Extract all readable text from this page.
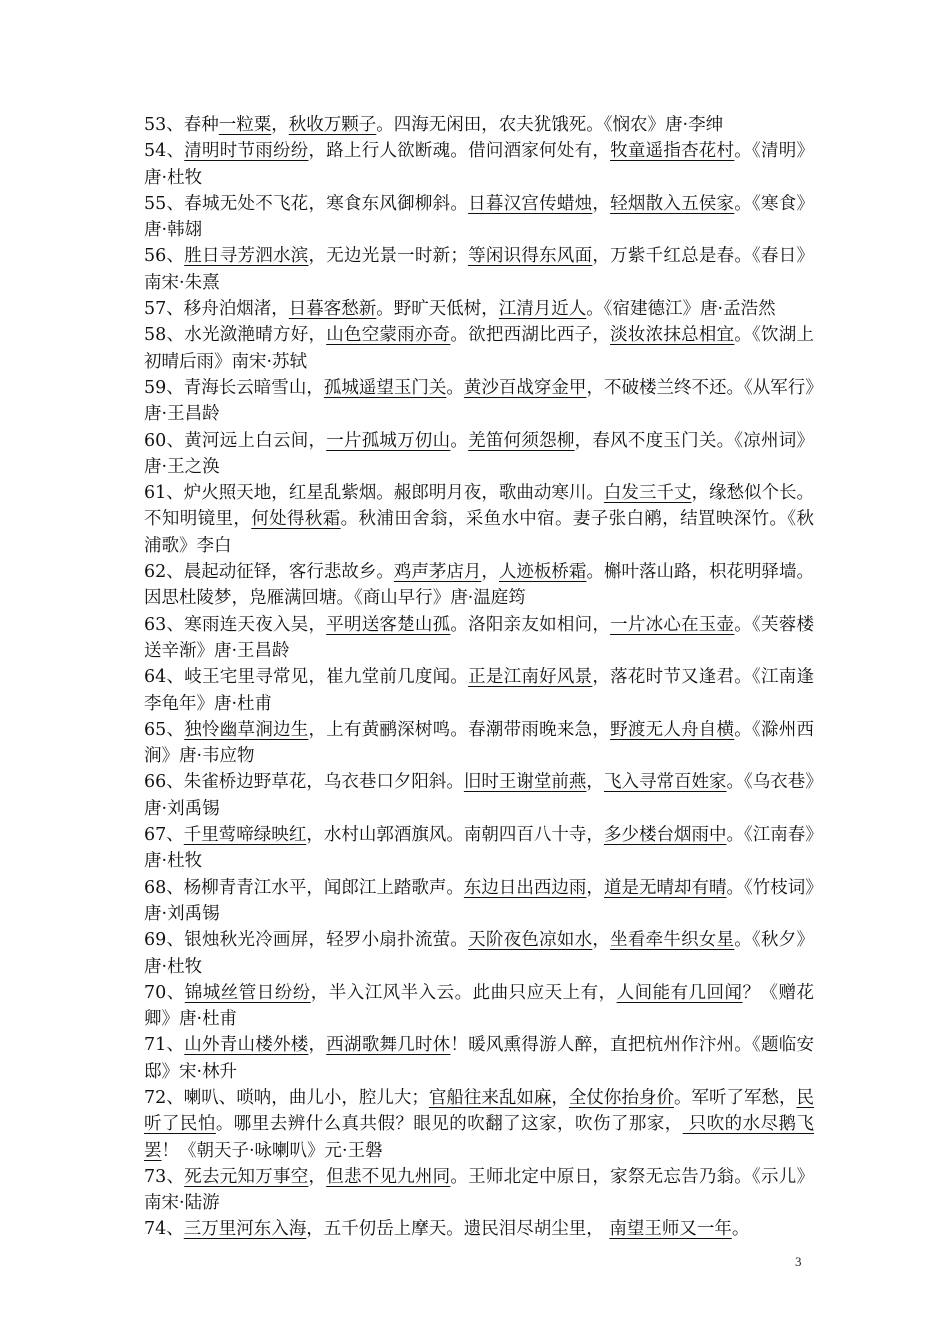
53、春种一粒粟，秋收万颗子。四海无闲田，农夫犹饿死。《悯农》唐·李绅

54、清明时节雨纷纷，路上行人欲断魂。借问酒家何处有，牧童遥指杏花村。《清明》唐·杜牧

55、春城无处不飞花，寒食东风御柳斜。日暮汉宫传蜡烛，轻烟散入五侯家。《寒食》唐·韩翃

56、胜日寻芳泗水滨，无边光景一时新；等闲识得东风面，万紫千红总是春。《春日》南宋·朱熹

57、移舟泊烟渚，日暮客愁新。野旷天低树，江清月近人。《宿建德江》唐·孟浩然

58、水光潋滟晴方好，山色空蒙雨亦奇。欲把西湖比西子，淡妆浓抹总相宜。《饮湖上初晴后雨》南宋·苏轼

59、青海长云暗雪山，孤城遥望玉门关。黄沙百战穿金甲，不破楼兰终不还。《从军行》唐·王昌龄

60、黄河远上白云间，一片孤城万仞山。羌笛何须怨柳，春风不度玉门关。《凉州词》唐·王之涣

61、炉火照天地，红星乱紫烟。赧郎明月夜，歌曲动寒川。白发三千丈，缘愁似个长。不知明镜里，何处得秋霜。秋浦田舍翁，采鱼水中宿。妻子张白鹇，结罝映深竹。《秋浦歌》李白

62、晨起动征铎，客行悲故乡。鸡声茅店月，人迹板桥霜。槲叶落山路，枳花明驿墙。因思杜陵梦，凫雁满回塘。《商山早行》唐·温庭筠

63、寒雨连天夜入吴，平明送客楚山孤。洛阳亲友如相问，一片冰心在玉壶。《芙蓉楼送辛渐》唐·王昌龄

64、岐王宅里寻常见，崔九堂前几度闻。正是江南好风景，落花时节又逢君。《江南逢李龟年》唐·杜甫

65、独怜幽草涧边生，上有黄鹂深树鸣。春潮带雨晚来急，野渡无人舟自横。《滁州西涧》唐·韦应物

66、朱雀桥边野草花，乌衣巷口夕阳斜。旧时王谢堂前燕，飞入寻常百姓家。《乌衣巷》唐·刘禹锡

67、千里莺啼绿映红，水村山郭酒旗风。南朝四百八十寺，多少楼台烟雨中。《江南春》唐·杜牧

68、杨柳青青江水平，闻郎江上踏歌声。东边日出西边雨，道是无晴却有晴。《竹枝词》唐·刘禹锡

69、银烛秋光冷画屏，轻罗小扇扑流萤。天阶夜色凉如水，坐看牵牛织女星。《秋夕》唐·杜牧

70、锦城丝管日纷纷，半入江风半入云。此曲只应天上有，人间能有几回闻？《赠花卿》唐·杜甫

71、山外青山楼外楼，西湖歌舞几时休！暖风熏得游人醉，直把杭州作汴州。《题临安邸》宋·林升

72、喇叭、唢呐，曲儿小，腔儿大；官船往来乱如麻，全仗你抬身价。军听了军愁，民听了民怕。哪里去辨什么真共假？眼见的吹翻了这家，吹伤了那家， 只吹的水尽鹅飞罢！《朝天子·咏喇叭》元·王磐

73、死去元知万事空，但悲不见九州同。王师北定中原日，家祭无忘告乃翁。《示儿》南宋·陆游

74、三万里河东入海，五千仞岳上摩天。遗民泪尽胡尘里， 南望王师又一年。

3
